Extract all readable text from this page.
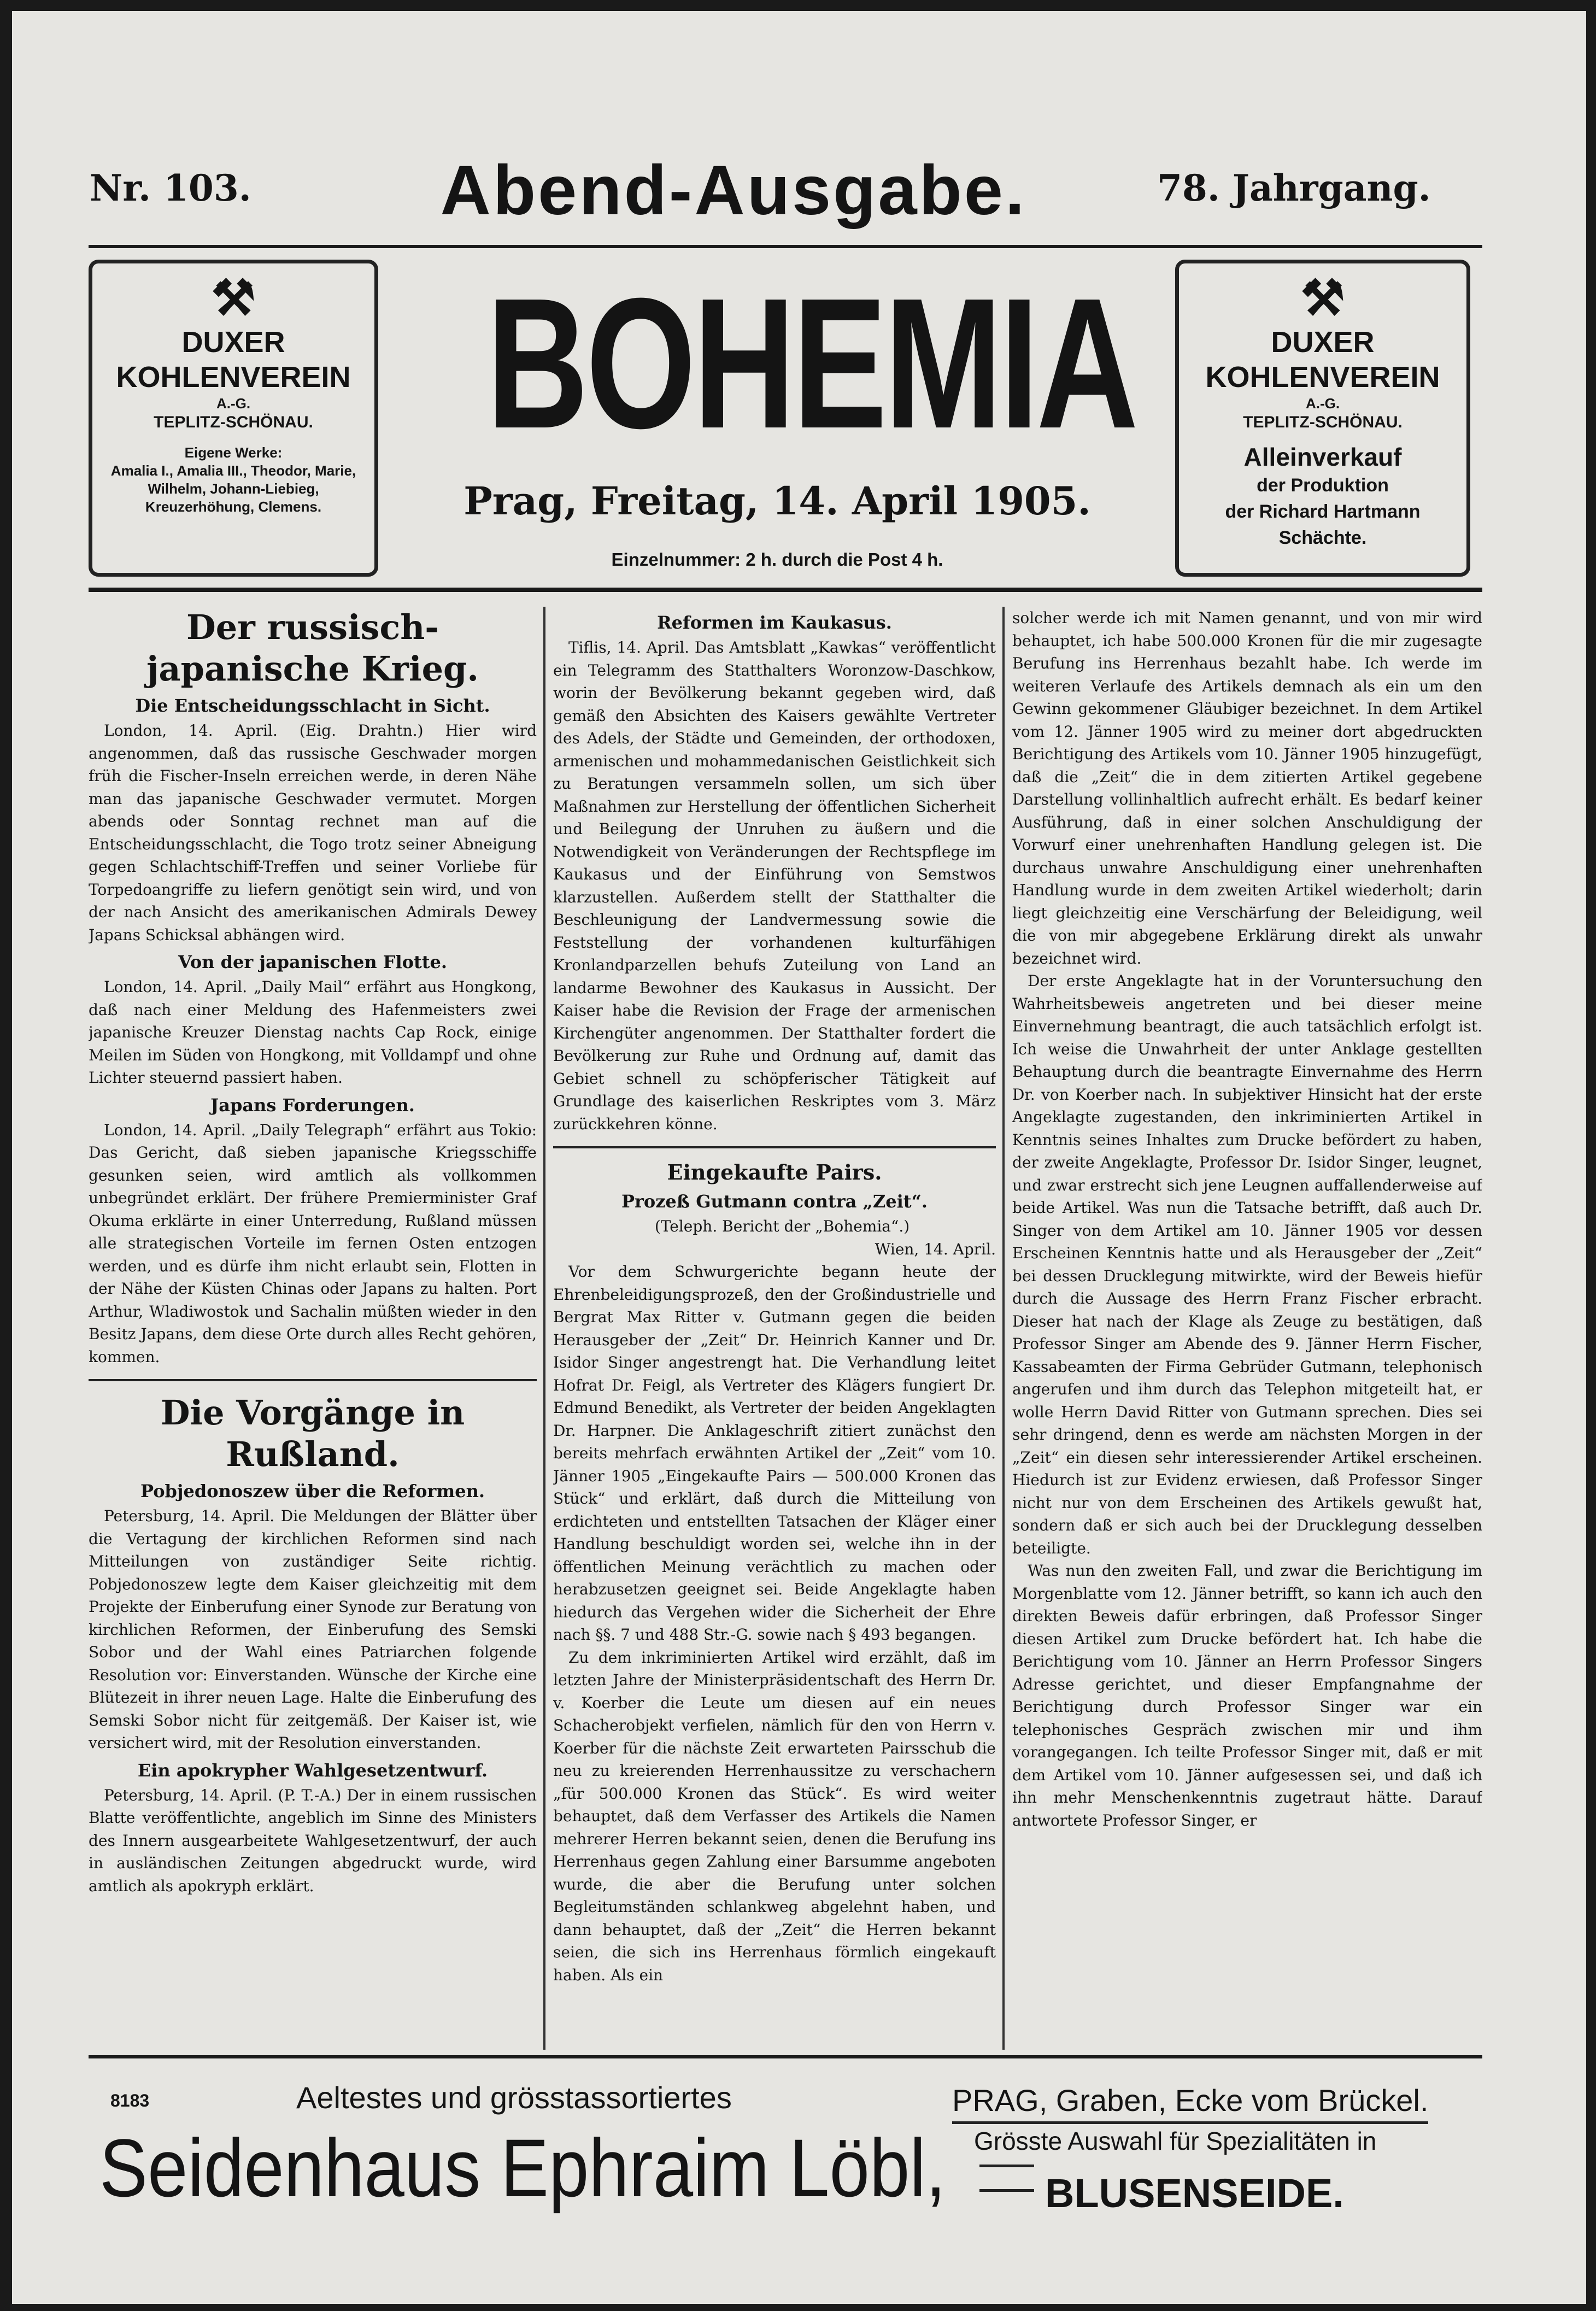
Nr. 103.	Abend-Ausgabe.	78. Jahrgang.
⚒
DUXER
KOHLENVEREIN
A.-G.
TEPLITZ-SCHÖNAU.
Eigene Werke:
Amalia I., Amalia III., Theodor, Marie, Wilhelm, Johann-Liebieg, Kreuzerhöhung, Clemens.
BOHEMIA
Prag, Freitag, 14. April 1905.
Einzelnummer: 2 h. durch die Post 4 h.
⚒
DUXER
KOHLENVEREIN
A.-G.
TEPLITZ-SCHÖNAU.
Alleinverkauf
der Produktion
der Richard Hartmann
Schächte.
Der russisch-japanische Krieg.
Die Entscheidungsschlacht in Sicht.

London, 14. April. (Eig. Drahtn.) Hier wird angenommen, daß das russische Geschwader morgen früh die Fischer-Inseln erreichen werde, in deren Nähe man das japanische Geschwader vermutet. Morgen abends oder Sonntag rechnet man auf die Entscheidungsschlacht, die Togo trotz seiner Abneigung gegen Schlachtschiff-Treffen und seiner Vorliebe für Torpedoangriffe zu liefern genötigt sein wird, und von der nach Ansicht des amerikanischen Admirals Dewey Japans Schicksal abhängen wird.

Von der japanischen Flotte.

London, 14. April. „Daily Mail“ erfährt aus Hongkong, daß nach einer Meldung des Hafenmeisters zwei japanische Kreuzer Dienstag nachts Cap Rock, einige Meilen im Süden von Hongkong, mit Volldampf und ohne Lichter steuernd passiert haben.

Japans Forderungen.

London, 14. April. „Daily Telegraph“ erfährt aus Tokio: Das Gericht, daß sieben japanische Kriegsschiffe gesunken seien, wird amtlich als vollkommen unbegründet erklärt. Der frühere Premierminister Graf Okuma erklärte in einer Unterredung, Rußland müssen alle strategischen Vorteile im fernen Osten entzogen werden, und es dürfe ihm nicht erlaubt sein, Flotten in der Nähe der Küsten Chinas oder Japans zu halten. Port Arthur, Wladiwostok und Sachalin müßten wieder in den Besitz Japans, dem diese Orte durch alles Recht gehören, kommen.

Die Vorgänge in Rußland.
Pobjedonoszew über die Reformen.

Petersburg, 14. April. Die Meldungen der Blätter über die Vertagung der kirchlichen Reformen sind nach Mitteilungen von zuständiger Seite richtig. Pobjedonoszew legte dem Kaiser gleichzeitig mit dem Projekte der Einberufung einer Synode zur Beratung von kirchlichen Reformen, der Einberufung des Semski Sobor und der Wahl eines Patriarchen folgende Resolution vor: Einverstanden. Wünsche der Kirche eine Blütezeit in ihrer neuen Lage. Halte die Einberufung des Semski Sobor nicht für zeitgemäß. Der Kaiser ist, wie versichert wird, mit der Resolution einverstanden.

Ein apokrypher Wahlgesetzentwurf.

Petersburg, 14. April. (P. T.-A.) Der in einem russischen Blatte veröffentlichte, angeblich im Sinne des Ministers des Innern ausgearbeitete Wahlgesetzentwurf, der auch in ausländischen Zeitungen abgedruckt wurde, wird amtlich als apokryph erklärt.

Reformen im Kaukasus.

Tiflis, 14. April. Das Amtsblatt „Kawkas“ veröffentlicht ein Telegramm des Statthalters Woronzow-Daschkow, worin der Bevölkerung bekannt gegeben wird, daß gemäß den Absichten des Kaisers gewählte Vertreter des Adels, der Städte und Gemeinden, der orthodoxen, armenischen und mohammedanischen Geistlichkeit sich zu Beratungen versammeln sollen, um sich über Maßnahmen zur Herstellung der öffentlichen Sicherheit und Beilegung der Unruhen zu äußern und die Notwendigkeit von Veränderungen der Rechtspflege im Kaukasus und der Einführung von Semstwos klarzustellen. Außerdem stellt der Statthalter die Beschleunigung der Landvermessung sowie die Feststellung der vorhandenen kulturfähigen Kronlandparzellen behufs Zuteilung von Land an landarme Bewohner des Kaukasus in Aussicht. Der Kaiser habe die Revision der Frage der armenischen Kirchengüter angenommen. Der Statthalter fordert die Bevölkerung zur Ruhe und Ordnung auf, damit das Gebiet schnell zu schöpferischer Tätigkeit auf Grundlage des kaiserlichen Reskriptes vom 3. März zurückkehren könne.

Eingekaufte Pairs.
Prozeß Gutmann contra „Zeit“.

(Teleph. Bericht der „Bohemia“.)

Wien, 14. April.

Vor dem Schwurgerichte begann heute der Ehrenbeleidigungsprozeß, den der Großindustrielle und Bergrat Max Ritter v. Gutmann gegen die beiden Herausgeber der „Zeit“ Dr. Heinrich Kanner und Dr. Isidor Singer angestrengt hat. Die Verhandlung leitet Hofrat Dr. Feigl, als Vertreter des Klägers fungiert Dr. Edmund Benedikt, als Vertreter der beiden Angeklagten Dr. Harpner. Die Anklageschrift zitiert zunächst den bereits mehrfach erwähnten Artikel der „Zeit“ vom 10. Jänner 1905 „Eingekaufte Pairs — 500.000 Kronen das Stück“ und erklärt, daß durch die Mitteilung von erdichteten und entstellten Tatsachen der Kläger einer Handlung beschuldigt worden sei, welche ihn in der öffentlichen Meinung verächtlich zu machen oder herabzusetzen geeignet sei. Beide Angeklagte haben hiedurch das Vergehen wider die Sicherheit der Ehre nach §§. 7 und 488 Str.-G. sowie nach § 493 begangen.

Zu dem inkriminierten Artikel wird erzählt, daß im letzten Jahre der Ministerpräsidentschaft des Herrn Dr. v. Koerber die Leute um diesen auf ein neues Schacherobjekt verfielen, nämlich für den von Herrn v. Koerber für die nächste Zeit erwarteten Pairsschub die neu zu kreierenden Herrenhaussitze zu verschachern „für 500.000 Kronen das Stück“. Es wird weiter behauptet, daß dem Verfasser des Artikels die Namen mehrerer Herren bekannt seien, denen die Berufung ins Herrenhaus gegen Zahlung einer Barsumme angeboten wurde, die aber die Berufung unter solchen Begleitumständen schlankweg abgelehnt haben, und dann behauptet, daß der „Zeit“ die Herren bekannt seien, die sich ins Herrenhaus förmlich eingekauft haben. Als ein

solcher werde ich mit Namen genannt, und von mir wird behauptet, ich habe 500.000 Kronen für die mir zugesagte Berufung ins Herrenhaus bezahlt habe. Ich werde im weiteren Verlaufe des Artikels demnach als ein um den Gewinn gekommener Gläubiger bezeichnet. In dem Artikel vom 12. Jänner 1905 wird zu meiner dort abgedruckten Berichtigung des Artikels vom 10. Jänner 1905 hinzugefügt, daß die „Zeit“ die in dem zitierten Artikel gegebene Darstellung vollinhaltlich aufrecht erhält. Es bedarf keiner Ausführung, daß in einer solchen Anschuldigung der Vorwurf einer unehrenhaften Handlung gelegen ist. Die durchaus unwahre Anschuldigung einer unehrenhaften Handlung wurde in dem zweiten Artikel wiederholt; darin liegt gleichzeitig eine Verschärfung der Beleidigung, weil die von mir abgegebene Erklärung direkt als unwahr bezeichnet wird.

Der erste Angeklagte hat in der Voruntersuchung den Wahrheitsbeweis angetreten und bei dieser meine Einvernehmung beantragt, die auch tatsächlich erfolgt ist. Ich weise die Unwahrheit der unter Anklage gestellten Behauptung durch die beantragte Einvernahme des Herrn Dr. von Koerber nach. In subjektiver Hinsicht hat der erste Angeklagte zugestanden, den inkriminierten Artikel in Kenntnis seines Inhaltes zum Drucke befördert zu haben, der zweite Angeklagte, Professor Dr. Isidor Singer, leugnet, und zwar erstrecht sich jene Leugnen auffallenderweise auf beide Artikel. Was nun die Tatsache betrifft, daß auch Dr. Singer von dem Artikel am 10. Jänner 1905 vor dessen Erscheinen Kenntnis hatte und als Herausgeber der „Zeit“ bei dessen Drucklegung mitwirkte, wird der Beweis hiefür durch die Aussage des Herrn Franz Fischer erbracht. Dieser hat nach der Klage als Zeuge zu bestätigen, daß Professor Singer am Abende des 9. Jänner Herrn Fischer, Kassabeamten der Firma Gebrüder Gutmann, telephonisch angerufen und ihm durch das Telephon mitgeteilt hat, er wolle Herrn David Ritter von Gutmann sprechen. Dies sei sehr dringend, denn es werde am nächsten Morgen in der „Zeit“ ein diesen sehr interessierender Artikel erscheinen. Hiedurch ist zur Evidenz erwiesen, daß Professor Singer nicht nur von dem Erscheinen des Artikels gewußt hat, sondern daß er sich auch bei der Drucklegung desselben beteiligte.

Was nun den zweiten Fall, und zwar die Berichtigung im Morgenblatte vom 12. Jänner betrifft, so kann ich auch den direkten Beweis dafür erbringen, daß Professor Singer diesen Artikel zum Drucke befördert hat. Ich habe die Berichtigung vom 10. Jänner an Herrn Professor Singers Adresse gerichtet, und dieser Empfangnahme der Berichtigung durch Professor Singer war ein telephonisches Gespräch zwischen mir und ihm vorangegangen. Ich teilte Professor Singer mit, daß er mit dem Artikel vom 10. Jänner aufgesessen sei, und daß ich ihn mehr Menschenkenntnis zugetraut hätte. Darauf antwortete Professor Singer, er

8183	Aeltestes und grösstassortiertes
Seidenhaus Ephraim Löbl,
PRAG, Graben, Ecke vom Brückel.
Grösste Auswahl für Spezialitäten in
BLUSENSEIDE.
